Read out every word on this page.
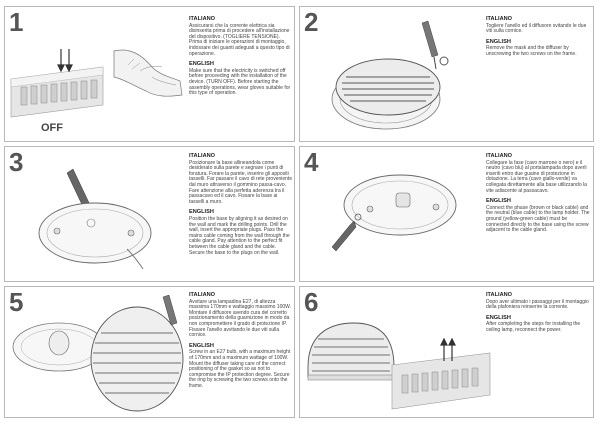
1
OFF
ITALIANO

Assicurarsi che la corrente elettrica sia disinserita prima di procedere all'installazione del dispositivo. (TOGLIERE TENSIONE). Prima di iniziare le operazioni di montaggio, indossare dei guanti adeguati a questo tipo di operazione.

ENGLISH

Make sure that the electricity is switched off before proceeding with the installation of the device. (TURN OFF). Before starting the assembly operations, wear gloves suitable for this type of operation.

2	ITALIANO

Togliere l'anello ed il diffusore svitando le due viti sulla cornice.

ENGLISH

Remove the mask and the diffuser by unscrewing the two screws on the frame.

3	ITALIANO

Posizionare la base allineandola come desiderato sulla parete e segnare i punti di foratura. Forare la parete, inserire gli appositi tasselli. Far passare il cavo di rete proveniente dal muro attraverso il gommino passa-cavo. Fare attenzione alla perfetta aderenza tra il passacavo ed il cavo. Fissare la base ai tasselli a muro.

ENGLISH

Position the base by aligning it as desired on the wall and mark the drilling points. Drill the wall, insert the appropriate plugs. Pass the mains cable coming from the wall through the cable gland. Pay attention to the perfect fit between the cable gland and the cable. Secure the base to the plugs on the wall.

4	ITALIANO

Collegare la fase (cavo marrone o nero) e il neutro (cavo blu) al portalampada dopo averli inseriti entro due guaine di protezione in dotazione. La terra (cavo giallo-verde) va collegata direttamente alla base utilizzando la vite adiacente al passacavo.

ENGLISH

Connect the phase (brown or black cable) and the neutral (blue cable) to the lamp holder. The ground (yellow-green cable) must be connected directly to the base using the screw adjacent to the cable gland.

5	ITALIANO

Avvitare una lampadina E27, di altezza massima 170mm e wattaggio massimo 100W. Montare il diffusore avendo cura del corretto posizionamento della guarnizione in modo da non compromettere il grado di protezione IP. Fissare l'anello avvitando le due viti sulla cornice.

ENGLISH

Screw in an E27 bulb, with a maximum height of 170mm and a maximum wattage of 100W. Mount the diffuser taking care of the correct positioning of the gasket so as not to compromise the IP protection degree. Secure the ring by screwing the two screws onto the frame.

6	ITALIANO

Dopo aver ultimato i passaggi per il montaggio della plafoniera reinserire la corrente.

ENGLISH

After completing the steps for installing the ceiling lamp, reconnect the power.
